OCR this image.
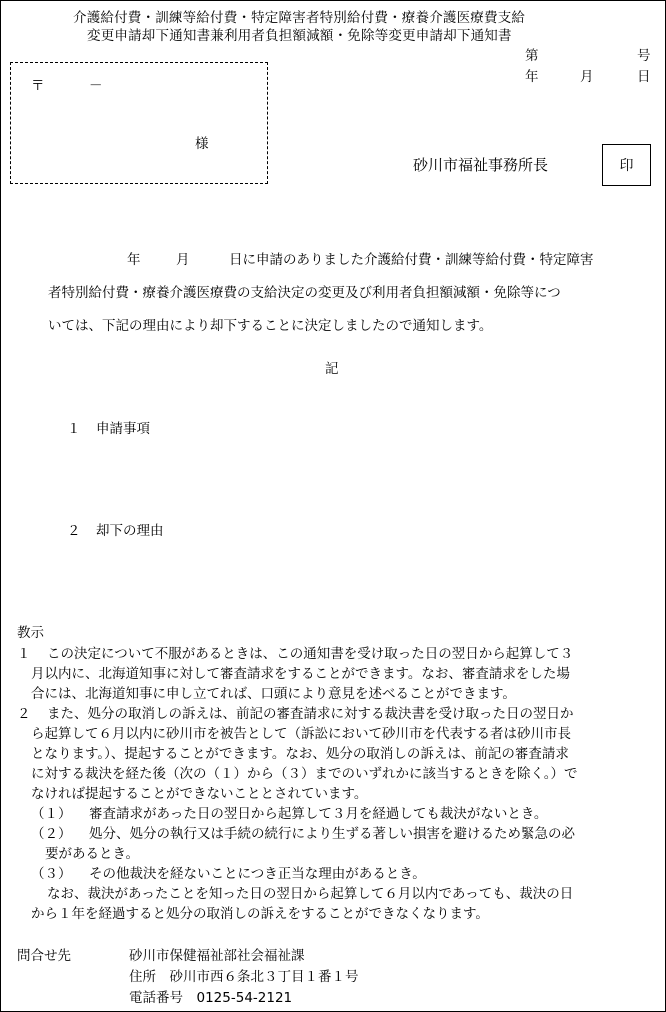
介護給付費・訓練等給付費・特定障害者特別給付費・療養介護医療費支給
変更申請却下通知書兼利用者負担額減額・免除等変更申請却下通知書
第	号
年	月	日
〒	－
様
砂川市福祉事務所長	印
年	月	日に申請のありました介護給付費・訓練等給付費・特定障害
者特別給付費・療養介護医療費の支給決定の変更及び利用者負担額減額・免除等につ
いては、下記の理由により却下することに決定しましたので通知します。
記
１ 申請事項
２ 却下の理由
教示
１ この決定について不服があるときは、この通知書を受け取った日の翌日から起算して３
月以内に、北海道知事に対して審査請求をすることができます。なお、審査請求をした場
合には、北海道知事に申し立てれば、口頭により意見を述べることができます。
２ また、処分の取消しの訴えは、前記の審査請求に対する裁決書を受け取った日の翌日か
ら起算して６月以内に砂川市を被告として（訴訟において砂川市を代表する者は砂川市長
となります。）、提起することができます。なお、処分の取消しの訴えは、前記の審査請求
に対する裁決を経た後（次の（１）から（３）までのいずれかに該当するときを除く。）で
なければ提起することができないこととされています。
（１） 審査請求があった日の翌日から起算して３月を経過しても裁決がないとき。
（２） 処分、処分の執行又は手続の続行により生ずる著しい損害を避けるため緊急の必
要があるとき。
（３） その他裁決を経ないことにつき正当な理由があるとき。
なお、裁決があったことを知った日の翌日から起算して６月以内であっても、裁決の日
から１年を経過すると処分の取消しの訴えをすることができなくなります。
問合せ先	砂川市保健福祉部社会福祉課
住所　砂川市西６条北３丁目１番１号
電話番号　0125-54-2121
